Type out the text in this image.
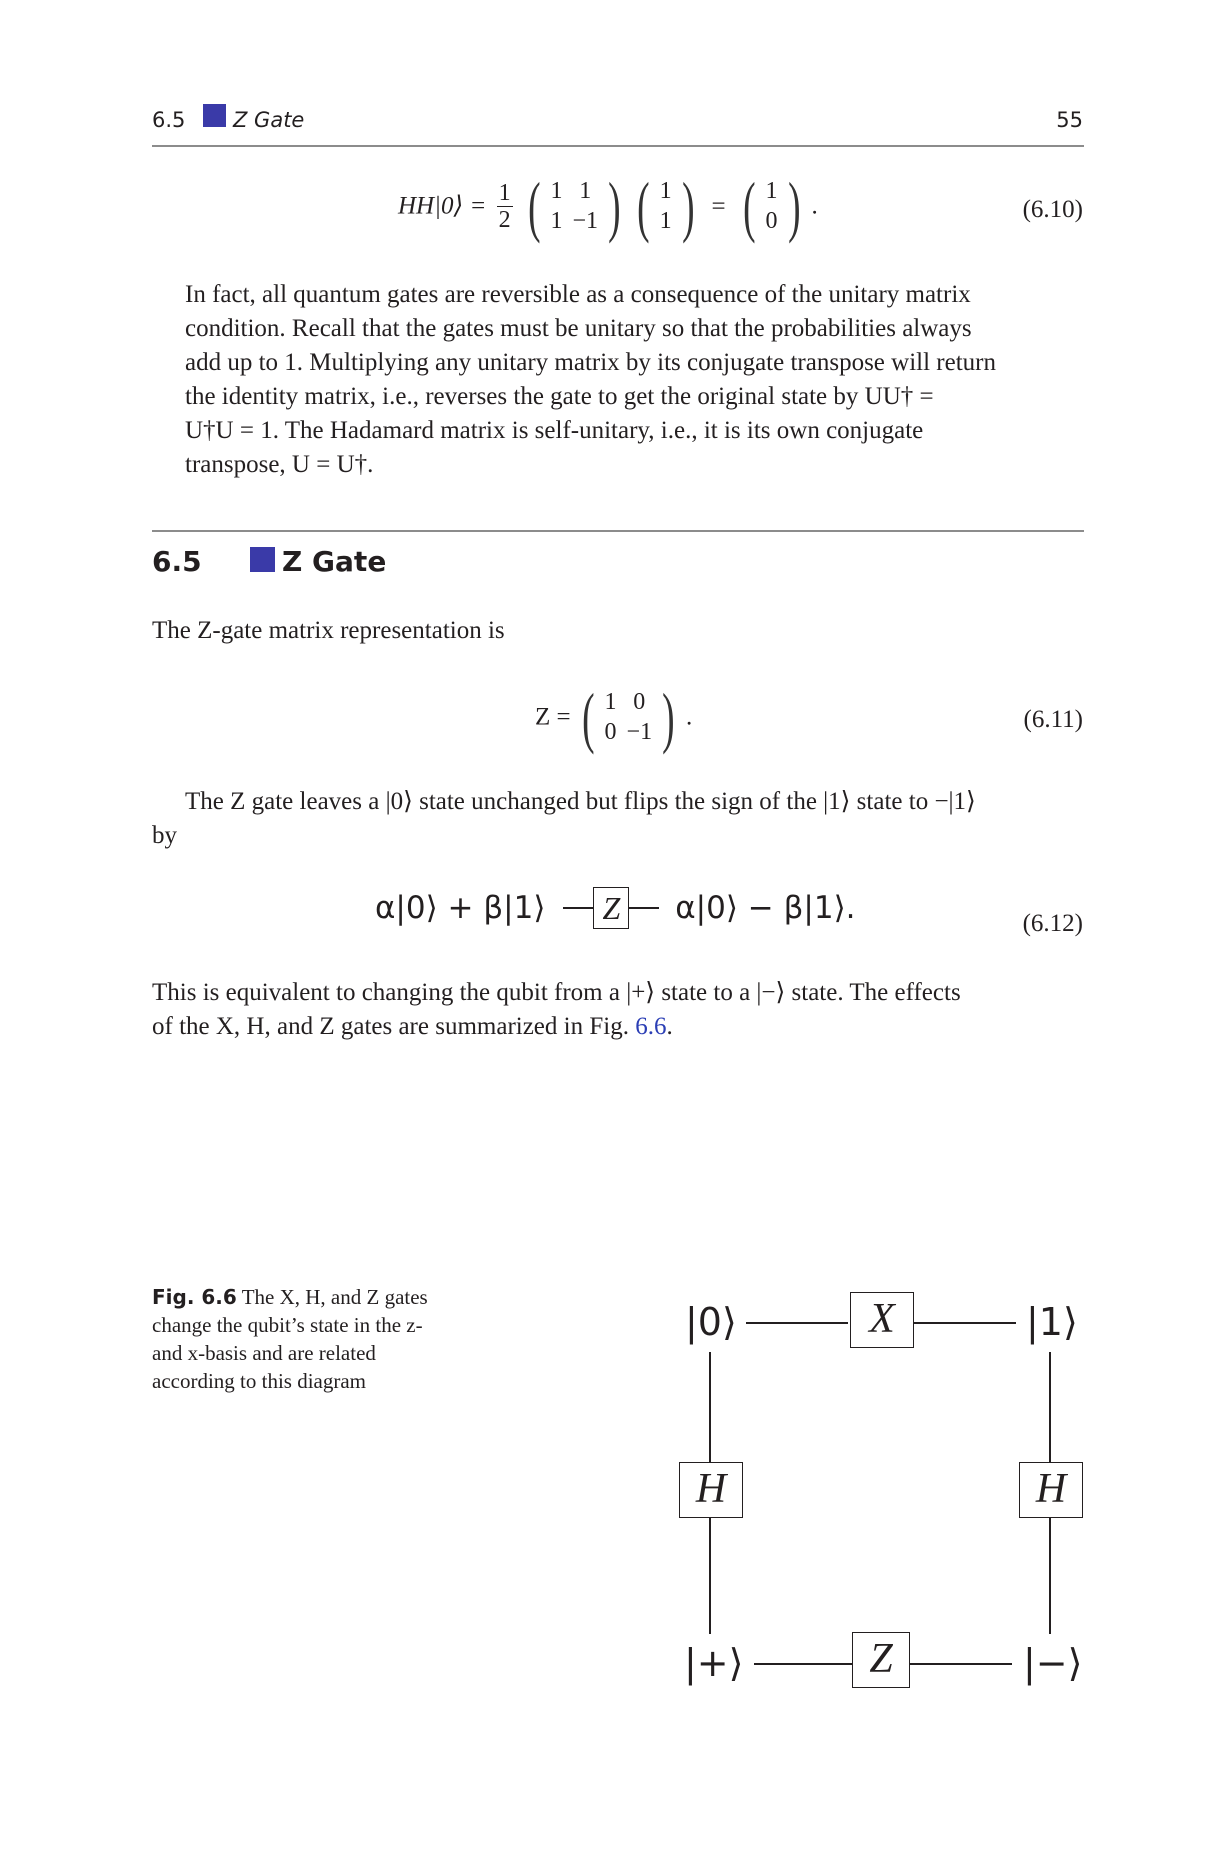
6.5 Z Gate	55
HH|0⟩ = $\frac{1}{2}$
( 1	1
1	−1 )
( 1
1 ) = ( 1
0 ) .	(6.10)

In fact, all quantum gates are reversible as a consequence of the unitary matrix

condition. Recall that the gates must be unitary so that the probabilities always

add up to 1. Multiplying any unitary matrix by its conjugate transpose will return

the identity matrix, i.e., reverses the gate to get the original state by UU† =

U†U = 1. The Hadamard matrix is self-unitary, i.e., it is its own conjugate

transpose, U = U†.

6.5	Z Gate
The Z-gate matrix representation is
Z = ( 1	0
0	−1 ) .	(6.11)

The Z gate leaves a |0⟩ state unchanged but flips the sign of the |1⟩ state to −|1⟩

by

α|0⟩ + β|1⟩ Z α|0⟩ − β|1⟩.	(6.12)

This is equivalent to changing the qubit from a |+⟩ state to a |−⟩ state. The effects

of the X, H, and Z gates are summarized in Fig. 6.6.

Fig. 6.6 The X, H, and Z gates change the qubit’s state in the z- and x-basis and are related according to this diagram
|0⟩	|1⟩
|+⟩	|−⟩
X
H	H
Z
